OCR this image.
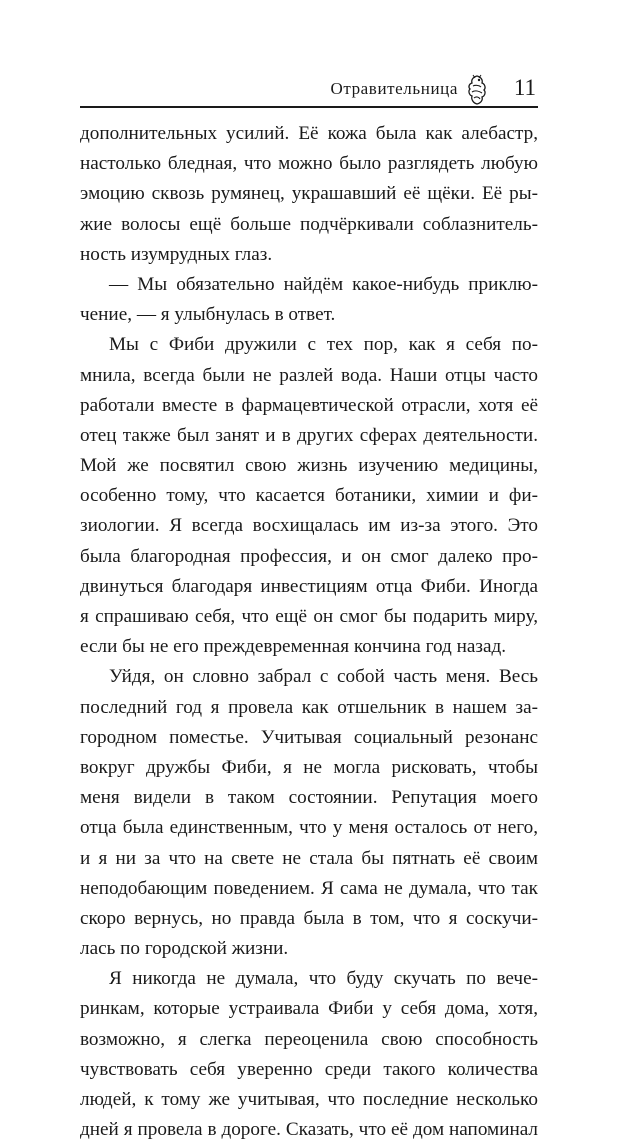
Отравительница 11
дополнительных усилий. Её кожа была как алебастр,
настолько бледная, что можно было разглядеть любую
эмоцию сквозь румянец, украшавший её щёки. Её ры-
жие волосы ещё больше подчёркивали соблазнитель-
ность изумрудных глаз.
— Мы обязательно найдём какое-нибудь приклю-
чение, — я улыбнулась в ответ.
Мы с Фиби дружили с тех пор, как я себя по-
мнила, всегда были не разлей вода. Наши отцы часто
работали вместе в фармацевтической отрасли, хотя её
отец также был занят и в других сферах деятельности.
Мой же посвятил свою жизнь изучению медицины,
особенно тому, что касается ботаники, химии и фи-
зиологии. Я всегда восхищалась им из-за этого. Это
была благородная профессия, и он смог далеко про-
двинуться благодаря инвестициям отца Фиби. Иногда
я спрашиваю себя, что ещё он смог бы подарить миру,
если бы не его преждевременная кончина год назад.
Уйдя, он словно забрал с собой часть меня. Весь
последний год я провела как отшельник в нашем за-
городном поместье. Учитывая социальный резонанс
вокруг дружбы Фиби, я не могла рисковать, чтобы
меня видели в таком состоянии. Репутация моего
отца была единственным, что у меня осталось от него,
и я ни за что на свете не стала бы пятнать её своим
неподобающим поведением. Я сама не думала, что так
скоро вернусь, но правда была в том, что я соскучи-
лась по городской жизни.
Я никогда не думала, что буду скучать по вече-
ринкам, которые устраивала Фиби у себя дома, хотя,
возможно, я слегка переоценила свою способность
чувствовать себя уверенно среди такого количества
людей, к тому же учитывая, что последние несколько
дней я провела в дороге. Сказать, что её дом напоминал
